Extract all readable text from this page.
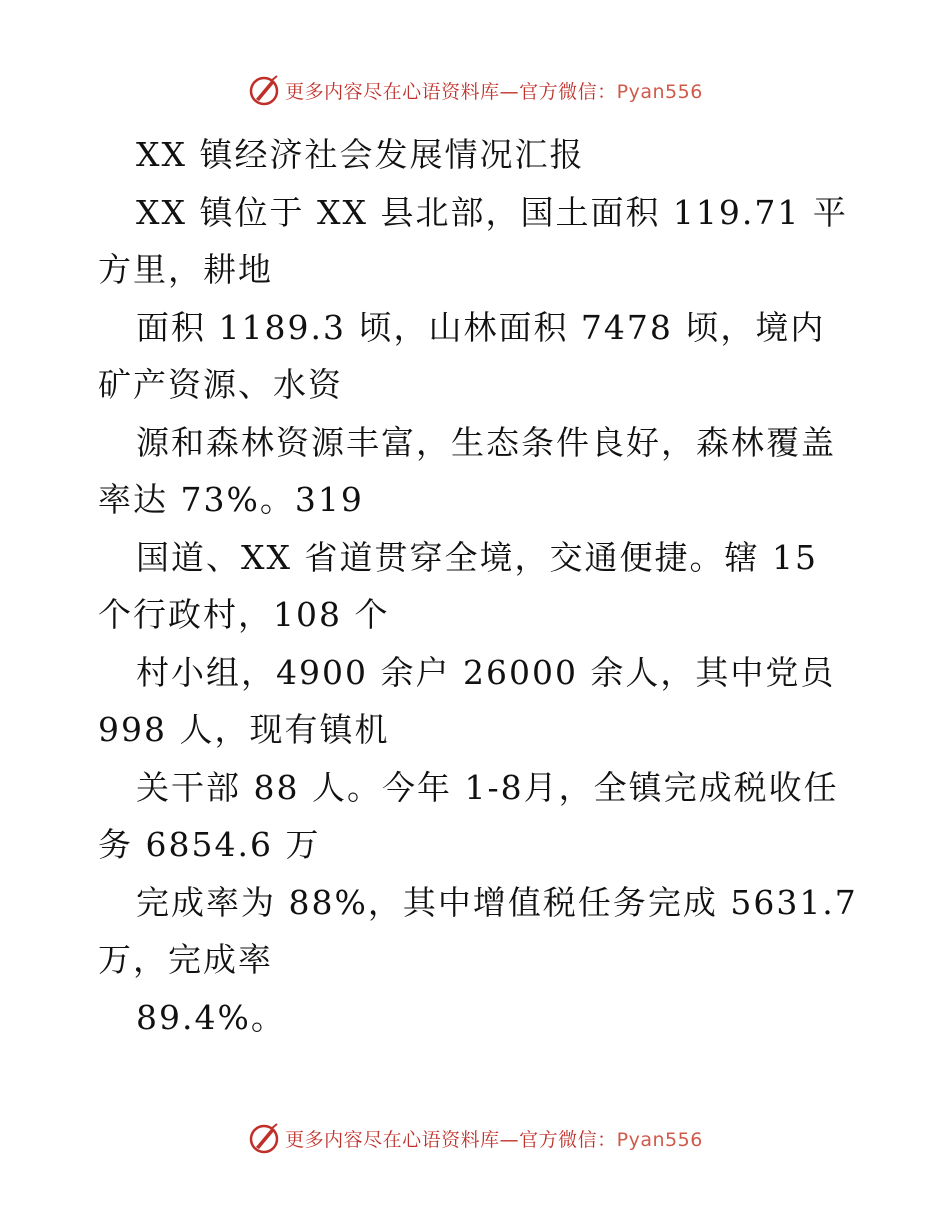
更多内容尽在心语资料库—官方微信：Pyan556

XX 镇经济社会发展情况汇报

XX 镇位于 XX 县北部，国土面积 119.71 平方里，耕地

面积 1189.3 顷，山林面积 7478 顷，境内矿产资源、水资

源和森林资源丰富，生态条件良好，森林覆盖率达 73%。319

国道、XX 省道贯穿全境，交通便捷。辖 15 个行政村，108 个

村小组，4900 余户 26000 余人，其中党员 998 人，现有镇机

关干部 88 人。今年 1-8月，全镇完成税收任务 6854.6 万

完成率为 88%，其中增值税任务完成 5631.7 万，完成率

89.4%。

更多内容尽在心语资料库—官方微信：Pyan556
